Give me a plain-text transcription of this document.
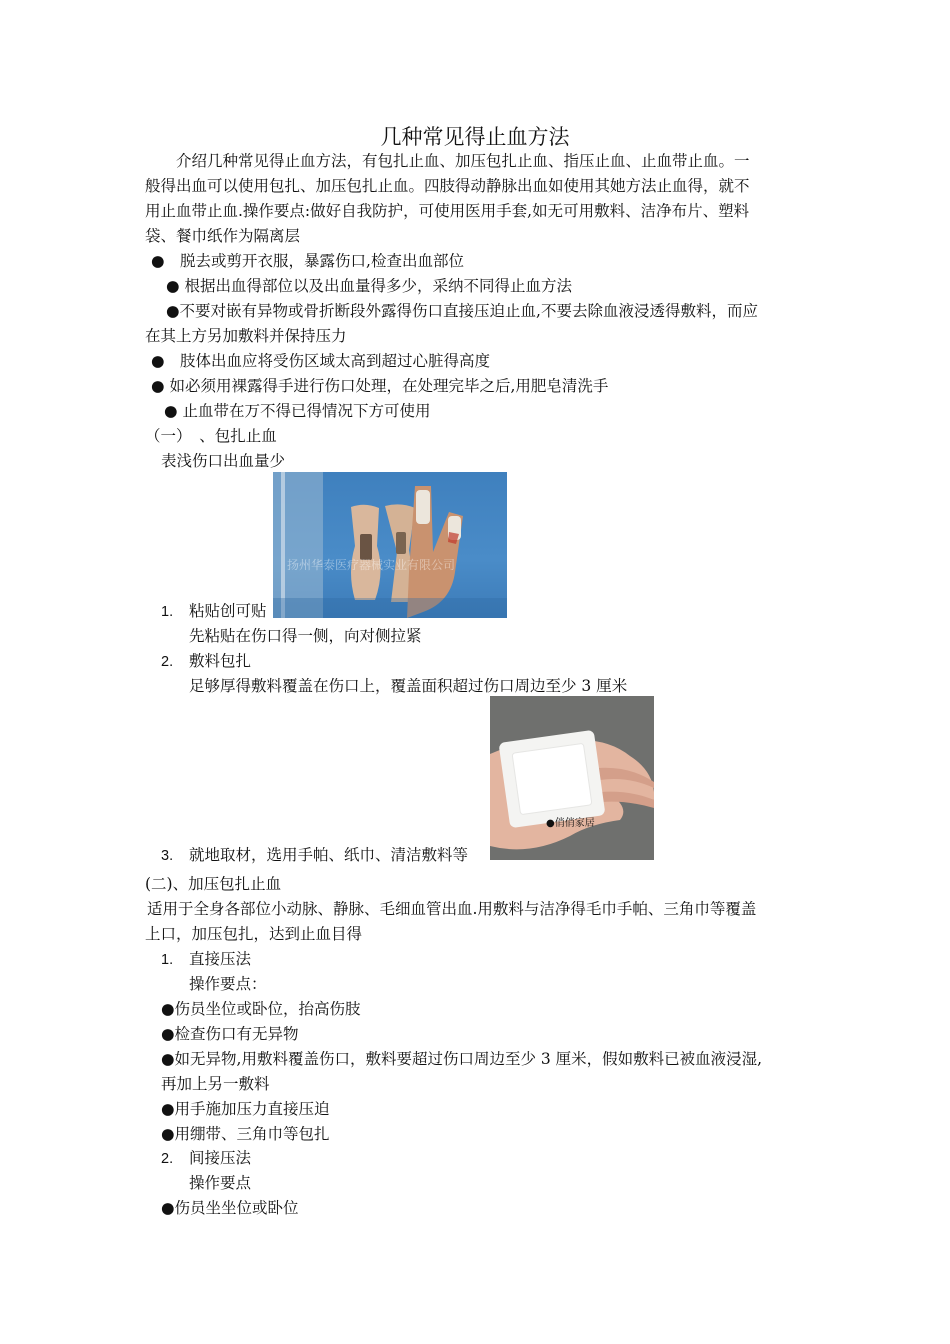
几种常见得止血方法
介绍几种常见得止血方法，有包扎止血、加压包扎止血、指压止血、止血带止血。一
般得出血可以使用包扎、加压包扎止血。四肢得动静脉出血如使用其她方法止血得，就不
用止血带止血.操作要点:做好自我防护，可使用医用手套,如无可用敷料、洁净布片、塑料
袋、餐巾纸作为隔离层
●　脱去或剪开衣服，暴露伤口,检查出血部位
● 根据出血得部位以及出血量得多少，采纳不同得止血方法
●不要对嵌有异物或骨折断段外露得伤口直接压迫止血,不要去除血液浸透得敷料，而应
在其上方另加敷料并保持压力
●　肢体出血应将受伤区域太高到超过心脏得高度
● 如必须用裸露得手进行伤口处理，在处理完毕之后,用肥皂清洗手
● 止血带在万不得已得情况下方可使用
（一）　、包扎止血
表浅伤口出血量少
扬州华泰医疗器械实业有限公司
1. 粘贴创可贴
先粘贴在伤口得一侧，向对侧拉紧
2. 敷料包扎
足够厚得敷料覆盖在伤口上，覆盖面积超过伤口周边至少 3 厘米
●俏俏家居
3. 就地取材，选用手帕、纸巾、清洁敷料等
(二)、加压包扎止血
适用于全身各部位小动脉、静脉、毛细血管出血.用敷料与洁净得毛巾手帕、三角巾等覆盖
上口，加压包扎，达到止血目得
1. 直接压法
操作要点：
●伤员坐位或卧位，抬高伤肢
●检查伤口有无异物
●如无异物,用敷料覆盖伤口，敷料要超过伤口周边至少 3 厘米，假如敷料已被血液浸湿,
再加上另一敷料
●用手施加压力直接压迫
●用绷带、三角巾等包扎
2. 间接压法
操作要点
●伤员坐坐位或卧位
